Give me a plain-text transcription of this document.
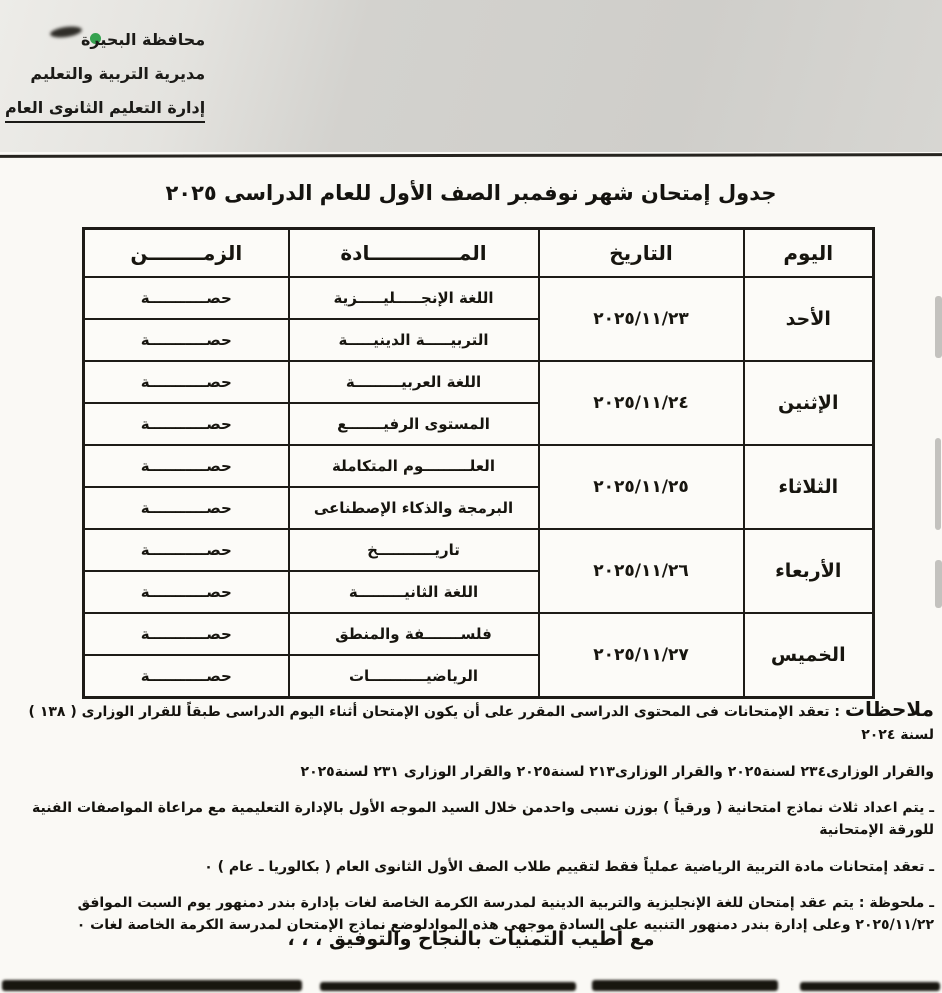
محافظة البحيرة
مديرية التربية والتعليم
إدارة التعليم الثانوى العام
جدول إمتحان شهر نوفمبر الصف الأول للعام الدراسى ٢٠٢٥
اليوم	التاريخ	المـــــــــــــادة	الزمــــــــن
الأحد	٢٠٢٥/١١/٢٣	اللغة الإنجـــــليـــــزية	حصـــــــــــة
		التربيـــــة الدينيـــــة	حصـــــــــــة
الإثنين	٢٠٢٥/١١/٢٤	اللغة العربيـــــــــة	حصـــــــــــة
		المستوى الرفيـــــــع	حصـــــــــــة
الثلاثاء	٢٠٢٥/١١/٢٥	العلـــــــــوم المتكاملة	حصـــــــــــة
		البرمجة والذكاء الإصطناعى	حصـــــــــــة
الأربعاء	٢٠٢٥/١١/٢٦	تاريـــــــــــخ	حصـــــــــــة
		اللغة الثانيـــــــــة	حصـــــــــــة
الخميس	٢٠٢٥/١١/٢٧	فلســـــــفة والمنطق	حصـــــــــــة
		الرياضيـــــــــــات	حصـــــــــــة
ملاحظات : تعقد الإمتحانات فى المحتوى الدراسى المقرر على أن يكون الإمتحان أثناء اليوم الدراسى طبقاً للقرار الوزارى ( ١٣٨ ) لسنة ٢٠٢٤
والقرار الوزارى٢٣٤ لسنة٢٠٢٥ والقرار الوزارى٢١٣ لسنة٢٠٢٥ والقرار الوزارى ٢٣١ لسنة٢٠٢٥
ـ يتم اعداد ثلاث نماذج امتحانية ( ورقياً ) بوزن نسبى واحدمن خلال السيد الموجه الأول بالإدارة التعليمية مع مراعاة المواصفات الفنية للورقة الإمتحانية
ـ تعقد إمتحانات مادة التربية الرياضية عملياً فقط لتقييم طلاب الصف الأول الثانوى العام ( بكالوريا ـ عام ) ٠
ـ ملحوظة : يتم عقد إمتحان للغة الإنجليزية والتربية الدينية لمدرسة الكرمة الخاصة لغات بإدارة بندر دمنهور يوم السبت الموافق ٢٠٢٥/١١/٢٢ وعلى إدارة بندر دمنهور التنبيه على السادة موجهى هذه الموادلوضع نماذج الإمتحان لمدرسة الكرمة الخاصة لغات ٠
مع أطيب التمنيات بالنجاح والتوفيق ، ، ،
